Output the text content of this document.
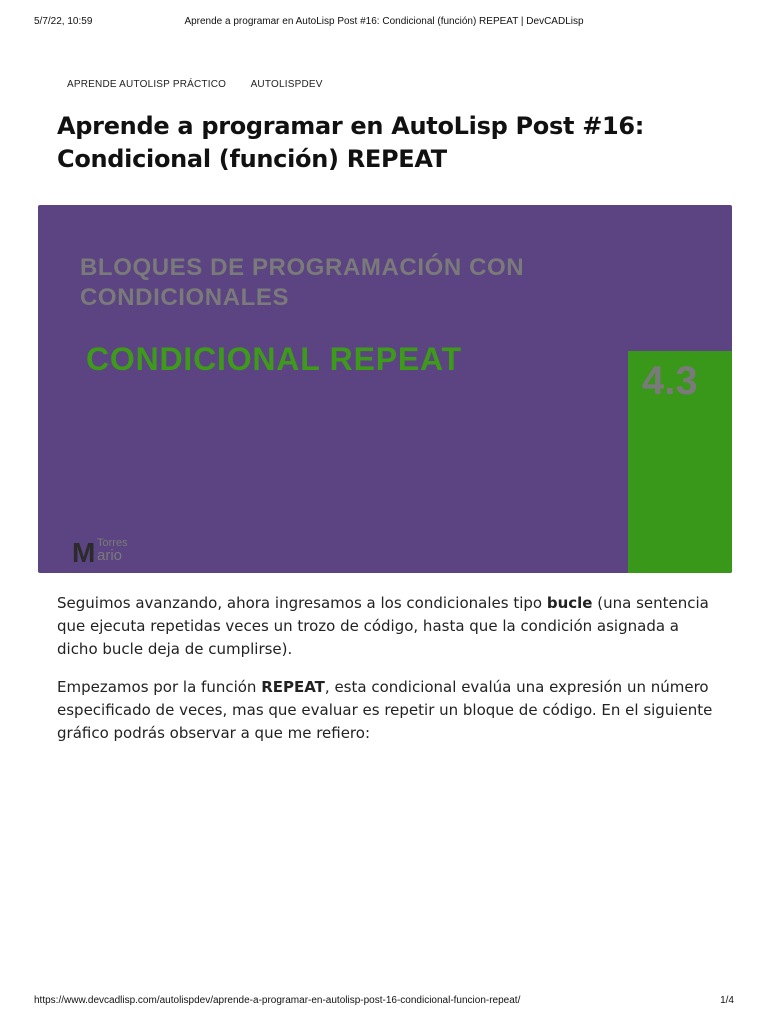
5/7/22, 10:59	Aprende a programar en AutoLisp Post #16: Condicional (función) REPEAT | DevCADLisp
APRENDE AUTOLISP PRÁCTICO AUTOLISPDEV
Aprende a programar en AutoLisp Post #16: Condicional (función) REPEAT
BLOQUES DE PROGRAMACIÓN CON CONDICIONALES
CONDICIONAL REPEAT	4.3
M Torres
ario

Seguimos avanzando, ahora ingresamos a los condicionales tipo bucle (una sentencia que ejecuta repetidas veces un trozo de código, hasta que la condición asignada a dicho bucle deja de cumplirse).

Empezamos por la función REPEAT, esta condicional evalúa una expresión un número especificado de veces, mas que evaluar es repetir un bloque de código. En el siguiente gráfico podrás observar a que me refiero:

https://www.devcadlisp.com/autolispdev/aprende-a-programar-en-autolisp-post-16-condicional-funcion-repeat/	1/4
